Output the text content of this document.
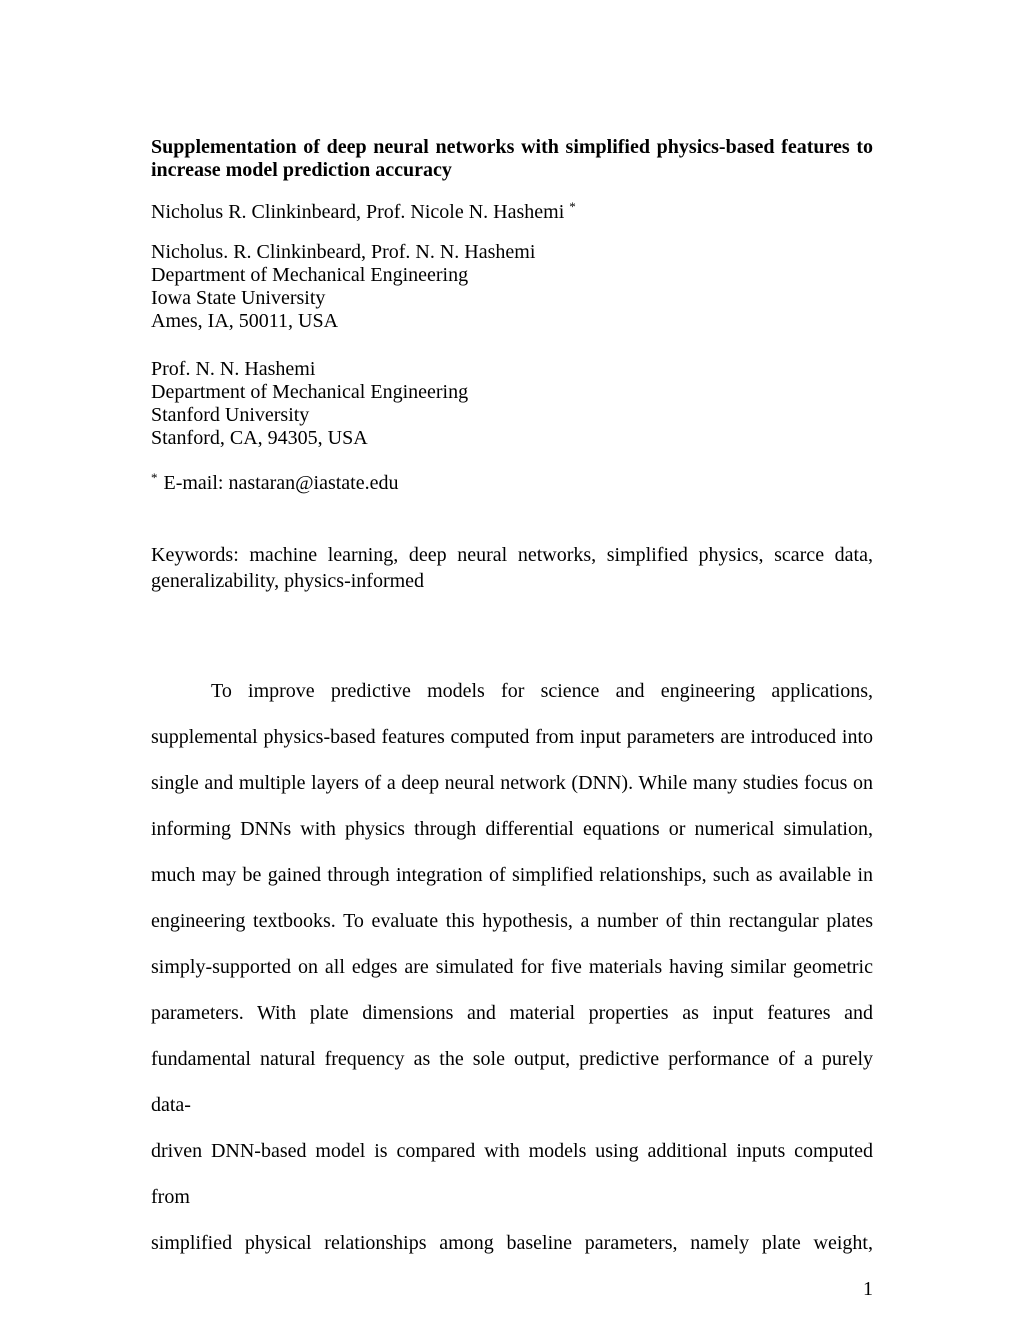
Supplementation of deep neural networks with simplified physics-based features to
increase model prediction accuracy
Nicholus R. Clinkinbeard, Prof. Nicole N. Hashemi *
Nicholus. R. Clinkinbeard, Prof. N. N. Hashemi
Department of Mechanical Engineering
Iowa State University
Ames, IA, 50011, USA
Prof. N. N. Hashemi
Department of Mechanical Engineering
Stanford University
Stanford, CA, 94305, USA
* E-mail: nastaran@iastate.edu
Keywords: machine learning, deep neural networks, simplified physics, scarce data,
generalizability, physics-informed
To improve predictive models for science and engineering applications,
supplemental physics-based features computed from input parameters are introduced into
single and multiple layers of a deep neural network (DNN). While many studies focus on
informing DNNs with physics through differential equations or numerical simulation,
much may be gained through integration of simplified relationships, such as available in
engineering textbooks. To evaluate this hypothesis, a number of thin rectangular plates
simply-supported on all edges are simulated for five materials having similar geometric
parameters. With plate dimensions and material properties as input features and
fundamental natural frequency as the sole output, predictive performance of a purely data-
driven DNN-based model is compared with models using additional inputs computed from
simplified physical relationships among baseline parameters, namely plate weight,
1
